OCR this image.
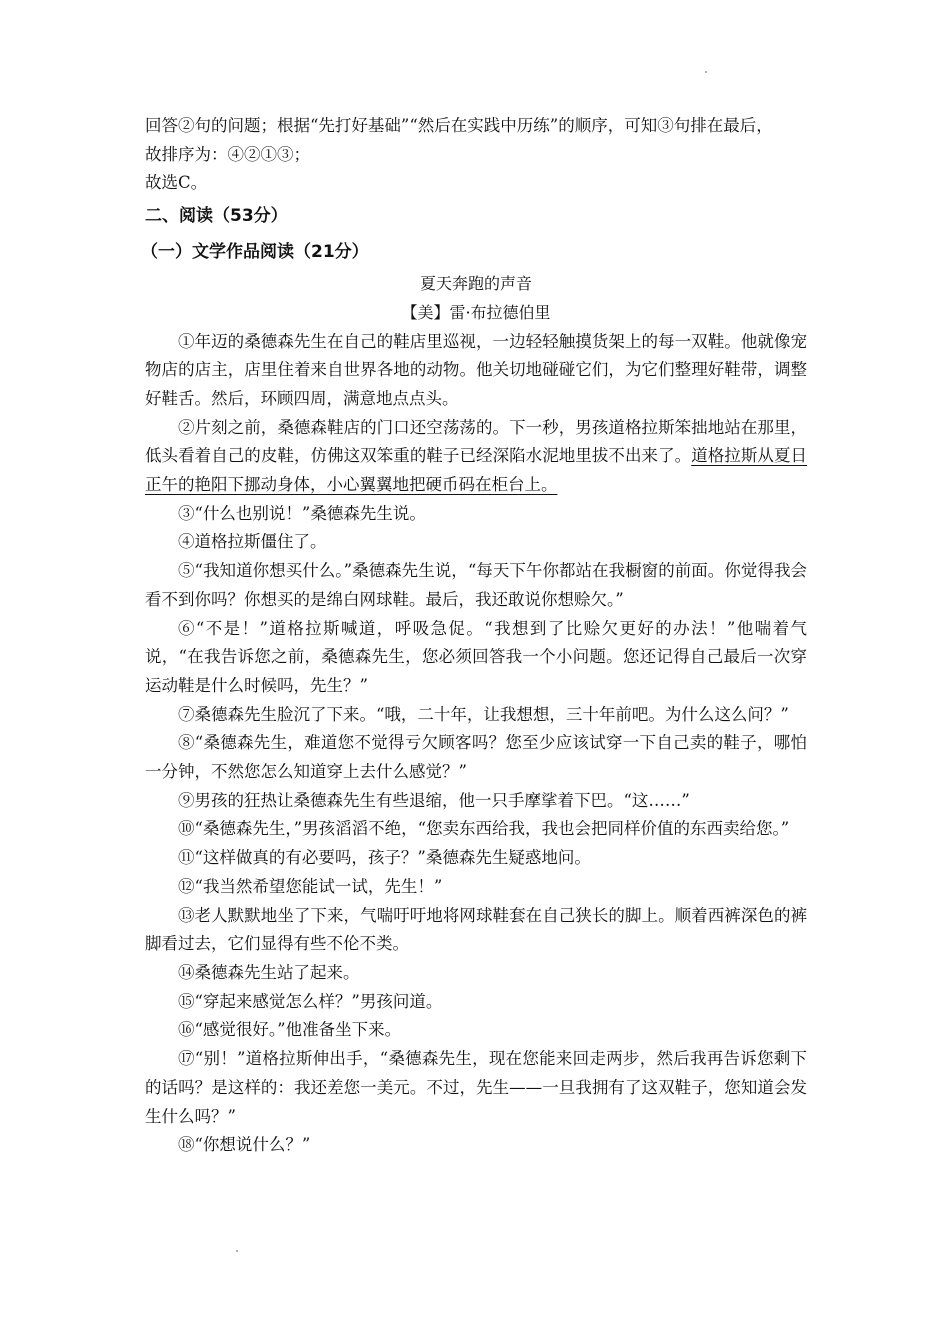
回答②句的问题；根据“先打好基础”“然后在实践中历练”的顺序，可知③句排在最后，

故排序为：④②①③；

故选C。

二、阅读（53分）

（一）文学作品阅读（21分）

夏天奔跑的声音

【美】雷·布拉德伯里

①年迈的桑德森先生在自己的鞋店里巡视，一边轻轻触摸货架上的每一双鞋。他就像宠物店的店主，店里住着来自世界各地的动物。他关切地碰碰它们，为它们整理好鞋带，调整好鞋舌。然后，环顾四周，满意地点点头。

②片刻之前，桑德森鞋店的门口还空荡荡的。下一秒，男孩道格拉斯笨拙地站在那里，低头看着自己的皮鞋，仿佛这双笨重的鞋子已经深陷水泥地里拔不出来了。道格拉斯从夏日正午的艳阳下挪动身体，小心翼翼地把硬币码在柜台上。

③“什么也别说！”桑德森先生说。

④道格拉斯僵住了。

⑤“我知道你想买什么。”桑德森先生说，“每天下午你都站在我橱窗的前面。你觉得我会看不到你吗？你想买的是绵白网球鞋。最后，我还敢说你想赊欠。”

⑥“不是！”道格拉斯喊道，呼吸急促。“我想到了比赊欠更好的办法！”他喘着气说，“在我告诉您之前，桑德森先生，您必须回答我一个小问题。您还记得自己最后一次穿运动鞋是什么时候吗，先生？”

⑦桑德森先生脸沉了下来。“哦，二十年，让我想想，三十年前吧。为什么这么问？”

⑧“桑德森先生，难道您不觉得亏欠顾客吗？您至少应该试穿一下自己卖的鞋子，哪怕一分钟，不然您怎么知道穿上去什么感觉？”

⑨男孩的狂热让桑德森先生有些退缩，他一只手摩挲着下巴。“这……”

⑩“桑德森先生，”男孩滔滔不绝，“您卖东西给我，我也会把同样价值的东西卖给您。”

⑪“这样做真的有必要吗，孩子？”桑德森先生疑惑地问。

⑫“我当然希望您能试一试，先生！”

⑬老人默默地坐了下来，气喘吁吁地将网球鞋套在自己狭长的脚上。顺着西裤深色的裤脚看过去，它们显得有些不伦不类。

⑭桑德森先生站了起来。

⑮“穿起来感觉怎么样？”男孩问道。

⑯“感觉很好。”他准备坐下来。

⑰“别！”道格拉斯伸出手，“桑德森先生，现在您能来回走两步，然后我再告诉您剩下的话吗？是这样的：我还差您一美元。不过，先生——一旦我拥有了这双鞋子，您知道会发生什么吗？”

⑱“你想说什么？”
